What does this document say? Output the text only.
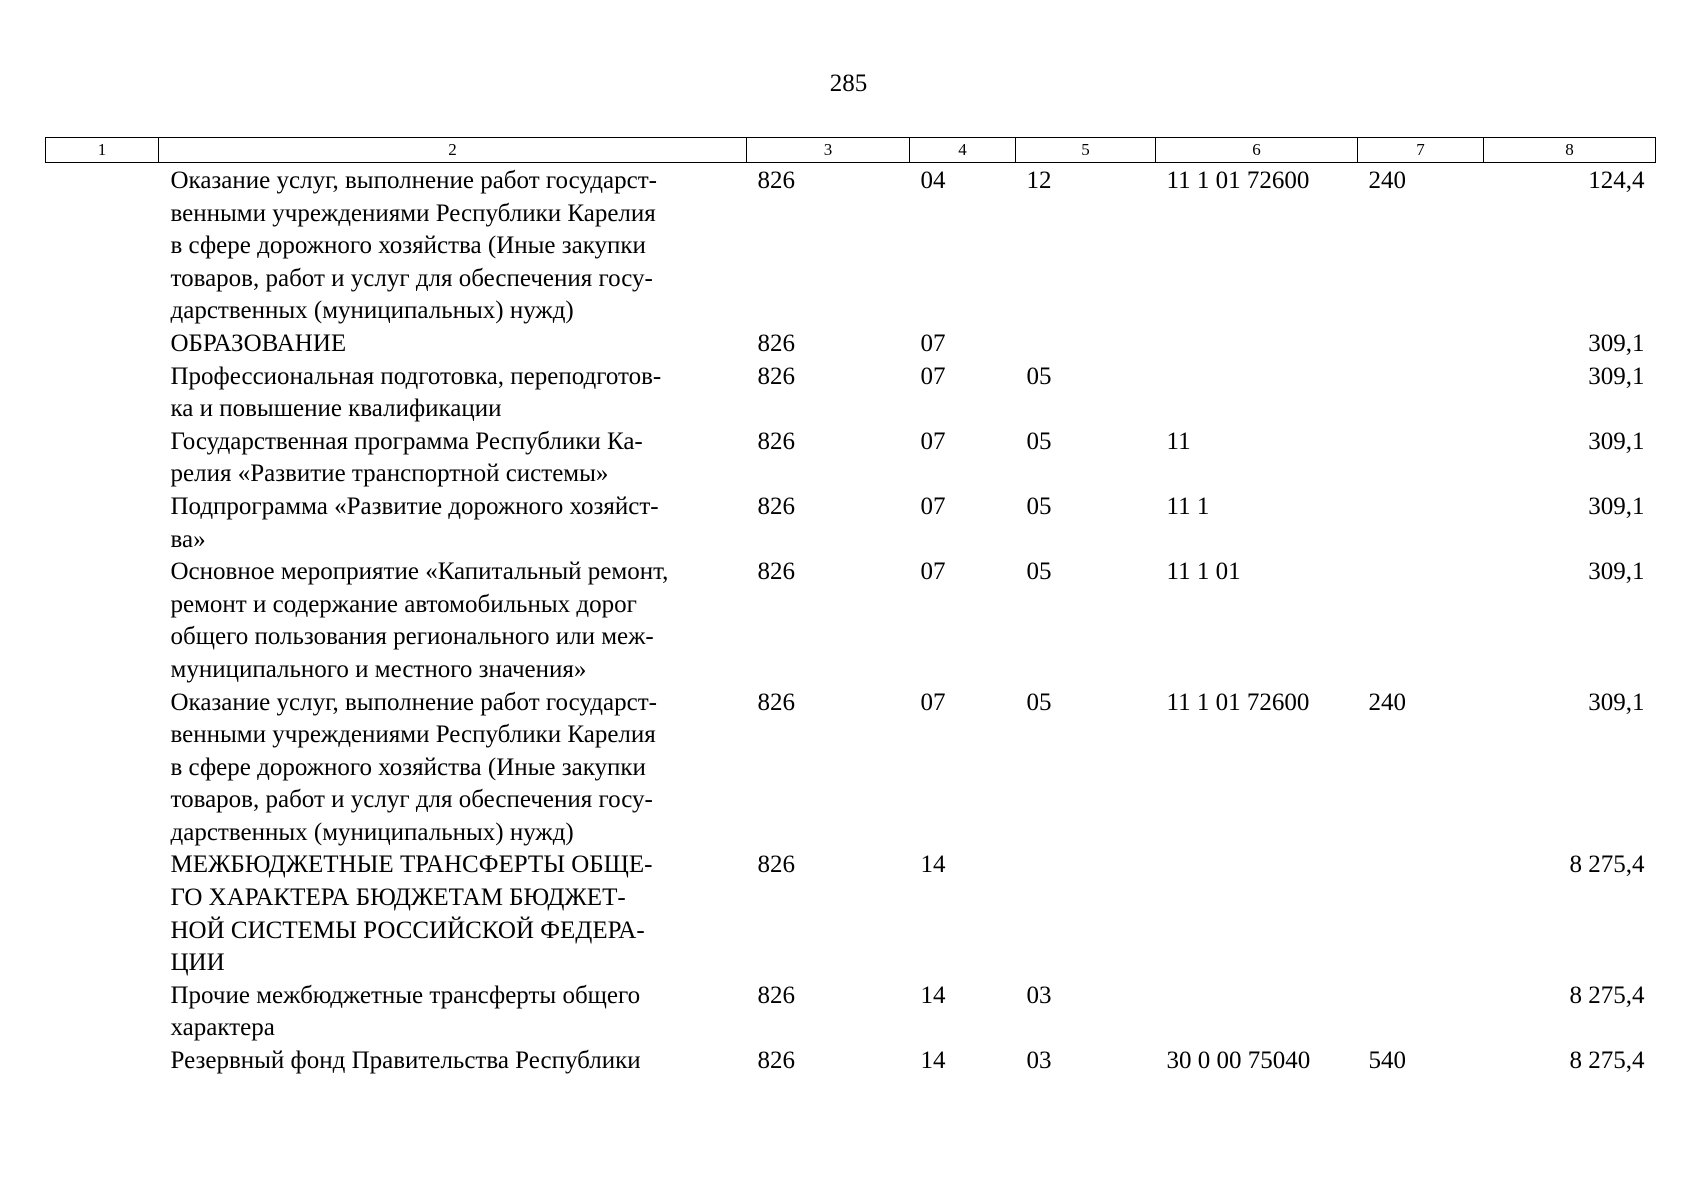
285
1	2	3	4	5	6	7	8

	Оказание услуг, выполнение работ государст-
венными учреждениями Республики Карелия
в сфере дорожного хозяйства (Иные закупки
товаров, работ и услуг для обеспечения госу-
дарственных (муниципальных) нужд)	826	04	12	11 1 01 72600	240	124,4

	ОБРАЗОВАНИЕ	826	07				309,1

	Профессиональная подготовка, переподготов-
ка и повышение квалификации	826	07	05			309,1

	Государственная программа Республики Ка-
релия «Развитие транспортной системы»	826	07	05	11		309,1

	Подпрограмма «Развитие дорожного хозяйст-
ва»	826	07	05	11 1		309,1

	Основное мероприятие «Капитальный ремонт,
ремонт и содержание автомобильных дорог
общего пользования регионального или меж-
муниципального и местного значения»	826	07	05	11 1 01		309,1

	Оказание услуг, выполнение работ государст-
венными учреждениями Республики Карелия
в сфере дорожного хозяйства (Иные закупки
товаров, работ и услуг для обеспечения госу-
дарственных (муниципальных) нужд)	826	07	05	11 1 01 72600	240	309,1

	МЕЖБЮДЖЕТНЫЕ ТРАНСФЕРТЫ ОБЩЕ-
ГО ХАРАКТЕРА БЮДЖЕТАМ БЮДЖЕТ-
НОЙ СИСТЕМЫ РОССИЙСКОЙ ФЕДЕРА-
ЦИИ	826	14				8 275,4

	Прочие межбюджетные трансферты общего
характера	826	14	03			8 275,4

	Резервный фонд Правительства Республики	826	14	03	30 0 00 75040	540	8 275,4
